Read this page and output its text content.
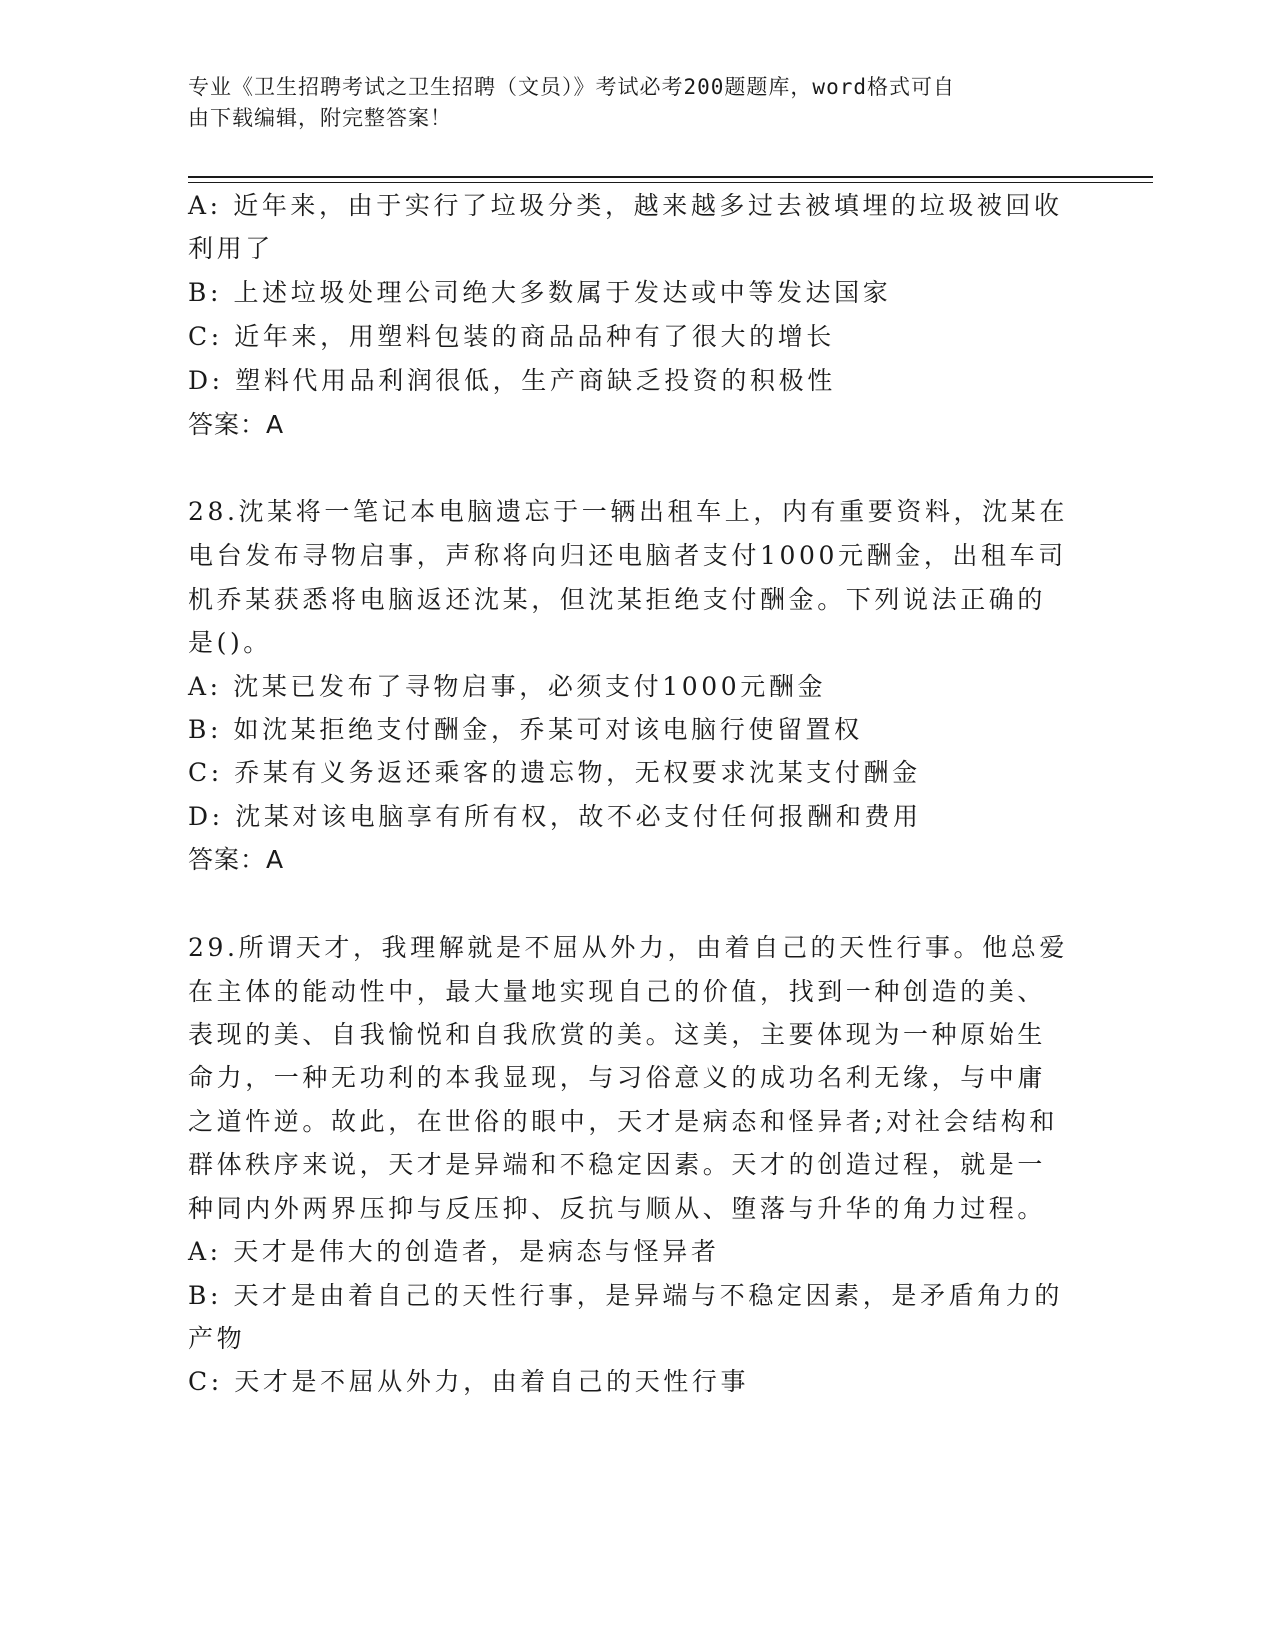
专业《卫生招聘考试之卫生招聘（文员）》考试必考200题题库，word格式可自
由下载编辑，附完整答案！
A: 近年来，由于实行了垃圾分类，越来越多过去被填埋的垃圾被回收
利用了
B: 上述垃圾处理公司绝大多数属于发达或中等发达国家
C: 近年来，用塑料包装的商品品种有了很大的增长
D: 塑料代用品利润很低，生产商缺乏投资的积极性
答案：A
28.沈某将一笔记本电脑遗忘于一辆出租车上，内有重要资料，沈某在
电台发布寻物启事，声称将向归还电脑者支付1000元酬金，出租车司
机乔某获悉将电脑返还沈某，但沈某拒绝支付酬金。下列说法正确的
是()。
A: 沈某已发布了寻物启事，必须支付1000元酬金
B: 如沈某拒绝支付酬金，乔某可对该电脑行使留置权
C: 乔某有义务返还乘客的遗忘物，无权要求沈某支付酬金
D: 沈某对该电脑享有所有权，故不必支付任何报酬和费用
答案：A
29.所谓天才，我理解就是不屈从外力，由着自己的天性行事。他总爱
在主体的能动性中，最大量地实现自己的价值，找到一种创造的美、
表现的美、自我愉悦和自我欣赏的美。这美，主要体现为一种原始生
命力，一种无功利的本我显现，与习俗意义的成功名利无缘，与中庸
之道忤逆。故此，在世俗的眼中，天才是病态和怪异者;对社会结构和
群体秩序来说，天才是异端和不稳定因素。天才的创造过程，就是一
种同内外两界压抑与反压抑、反抗与顺从、堕落与升华的角力过程。
A: 天才是伟大的创造者，是病态与怪异者
B: 天才是由着自己的天性行事，是异端与不稳定因素，是矛盾角力的
产物
C: 天才是不屈从外力，由着自己的天性行事
